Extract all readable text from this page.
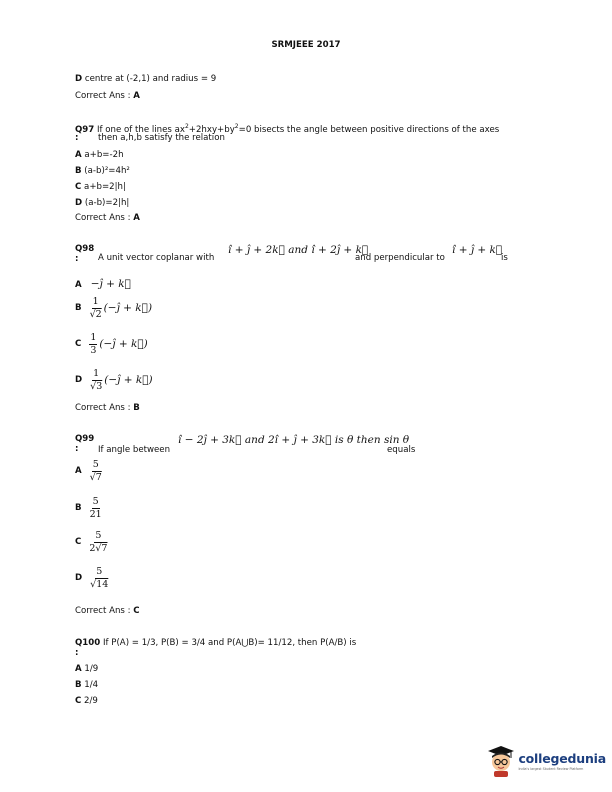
SRMJEEE 2017
D centre at (-2,1) and radius = 9
Correct Ans : A
Q97 If one of the lines $ax^2+2hxy+by^2=0$ bisects the angle between positive directions of the axes
: then a,h,b satisfy the relation
A a+b=-2h
B (a-b)²=4h²
C a+b=2|h|
D (a-b)=2|h|
Correct Ans : A
Q98
: A unit vector coplanar with
î + ĵ + 2k⃗ and î + 2ĵ + k⃗
and perpendicular to
î + ĵ + k⃗
is
A −ĵ + k⃗
B $\frac{1}{√2}$ (−ĵ + k⃗)
C $\frac{1}{3}$ (−ĵ + k⃗)
D $\frac{1}{√3}$ (−ĵ + k⃗)
Correct Ans : B
Q99
: If angle between
î − 2ĵ + 3k⃗ and 2î + ĵ + 3k⃗ is θ then sin θ
equals
A $\frac{5}{√7}$
B $\frac{5}{21}$
C $\frac{5}{2√7}$
D $\frac{5}{√14}$
Correct Ans : C
Q100 If P(A) = 1/3, P(B) = 3/4 and P(A⋃B)= 11/12, then P(A/B) is
:
A 1/9
B 1/4
C 2/9
collegedunia
India's largest Student Review Platform
